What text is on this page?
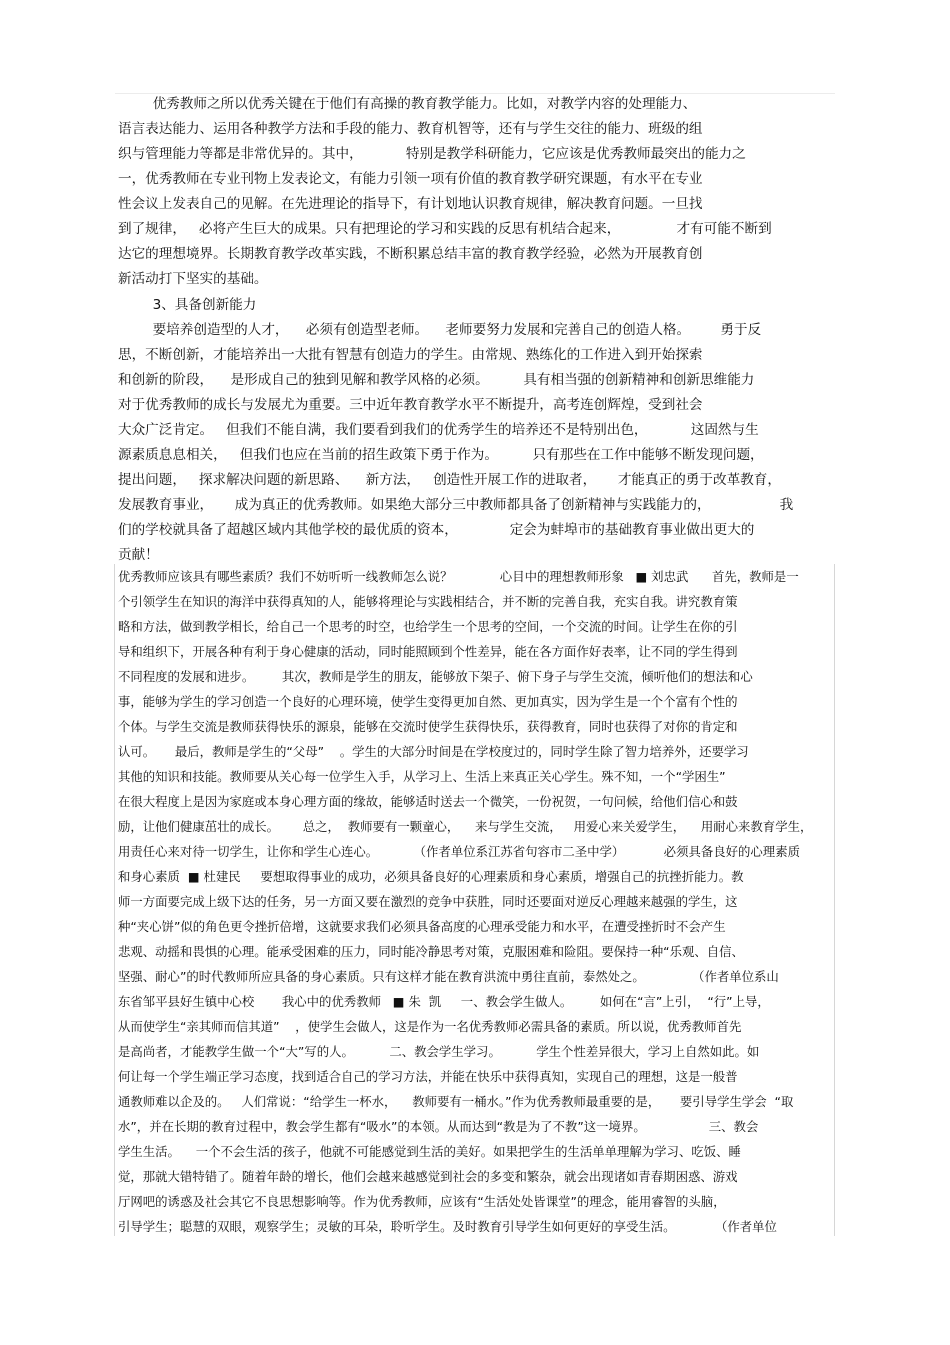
优秀教师之所以优秀关键在于他们有高操的教育教学能力。比如，对教学内容的处理能力、
语言表达能力、运用各种教学方法和手段的能力、教育机智等，还有与学生交往的能力、班级的组
织与管理能力等都是非常优异的。其中，          特别是教学科研能力，它应该是优秀教师最突出的能力之
一，优秀教师在专业刊物上发表论文，有能力引领一项有价值的教育教学研究课题，有水平在专业
性会议上发表自己的见解。在先进理论的指导下，有计划地认识教育规律，解决教育问题。一旦找
到了规律，   必将产生巨大的成果。只有把理论的学习和实践的反思有机结合起来，             才有可能不断到
达它的理想境界。长期教育教学改革实践，不断积累总结丰富的教育教学经验，必然为开展教育创
新活动打下坚实的基础。
3、具备创新能力
要培养创造型的人才，    必须有创造型老师。    老师要努力发展和完善自己的创造人格。       勇于反
思，不断创新，才能培养出一大批有智慧有创造力的学生。由常规、熟练化的工作进入到开始探索
和创新的阶段，    是形成自己的独到见解和教学风格的必须。        具有相当强的创新精神和创新思维能力
对于优秀教师的成长与发展尤为重要。三中近年教育教学水平不断提升，高考连创辉煌，受到社会
大众广泛肯定。   但我们不能自满，我们要看到我们的优秀学生的培养还不是特别出色，          这固然与生
源素质息息相关，   但我们也应在当前的招生政策下勇于作为。        只有那些在工作中能够不断发现问题，
提出问题，   探求解决问题的新思路、    新方法，   创造性开展工作的进取者，     才能真正的勇于改革教育，
发展教育事业，     成为真正的优秀教师。如果绝大部分三中教师都具备了创新精神与实践能力的，                我
们的学校就具备了超越区域内其他学校的最优质的资本，            定会为蚌埠市的基础教育事业做出更大的
贡献！
优秀教师应该具有哪些素质？我们不妨听听一线教师怎么说？            心目中的理想教师形象   ■ 刘忠武      首先，教师是一
个引领学生在知识的海洋中获得真知的人，能够将理论与实践相结合，并不断的完善自我，充实自我。讲究教育策
略和方法，做到教学相长，给自己一个思考的时空，也给学生一个思考的空间，一个交流的时间。让学生在你的引
导和组织下，开展各种有利于身心健康的活动，同时能照顾到个性差异，能在各方面作好表率，让不同的学生得到
不同程度的发展和进步。       其次，教师是学生的朋友，能够放下架子、俯下身子与学生交流，倾听他们的想法和心
事，能够为学生的学习创造一个良好的心理环境，使学生变得更加自然、更加真实，因为学生是一个个富有个性的
个体。与学生交流是教师获得快乐的源泉，能够在交流时使学生获得快乐，获得教育，同时也获得了对你的肯定和
认可。     最后，教师是学生的“父母”    。学生的大部分时间是在学校度过的，同时学生除了智力培养外，还要学习
其他的知识和技能。教师要从关心每一位学生入手，从学习上、生活上来真正关心学生。殊不知，一个“学困生”
在很大程度上是因为家庭或本身心理方面的缘故，能够适时送去一个微笑，一份祝贺，一句问候，给他们信心和鼓
励，让他们健康茁壮的成长。      总之，  教师要有一颗童心，    来与学生交流，   用爱心来关爱学生，    用耐心来教育学生，
用责任心来对待一切学生，让你和学生心连心。         （作者单位系江苏省句容市二圣中学）          必须具备良好的心理素质
和身心素质  ■ 杜建民     要想取得事业的成功，必须具备良好的心理素质和身心素质，增强自己的抗挫折能力。教
师一方面要完成上级下达的任务，另一方面又要在激烈的竞争中获胜，同时还要面对逆反心理越来越强的学生，这
种“夹心饼”似的角色更令挫折倍增，这就要求我们必须具备高度的心理承受能力和水平，在遭受挫折时不会产生
悲观、动摇和畏惧的心理。能承受困难的压力，同时能冷静思考对策，克服困难和险阻。要保持一种“乐观、自信、
坚强、耐心”的时代教师所应具备的身心素质。只有这样才能在教育洪流中勇往直前，泰然处之。            （作者单位系山
东省邹平县好生镇中心校       我心中的优秀教师   ■ 朱  凯     一、教会学生做人。       如何在“言”上引，  “行”上导，
从而使学生“亲其师而信其道”    ，使学生会做人，这是作为一名优秀教师必需具备的素质。所以说，优秀教师首先
是高尚者，才能教学生做一个“大”写的人。         二、教会学生学习。         学生个性差异很大，学习上自然如此。如
何让每一个学生端正学习态度，找到适合自己的学习方法，并能在快乐中获得真知，实现自己的理想，这是一般普
通教师难以企及的。   人们常说：“给学生一杯水，    教师要有一桶水。”作为优秀教师最重要的是，     要引导学生学会  “取
水”，并在长期的教育过程中，教会学生都有“吸水”的本领。从而达到“教是为了不教”这一境界。                三、教会
学生生活。    一个不会生活的孩子，他就不可能感觉到生活的美好。如果把学生的生活单单理解为学习、吃饭、睡
觉，那就大错特错了。随着年龄的增长，他们会越来越感觉到社会的多变和繁杂，就会出现诸如青春期困惑、游戏
厅网吧的诱惑及社会其它不良思想影响等。作为优秀教师，应该有“生活处处皆课堂”的理念，能用睿智的头脑，
引导学生；聪慧的双眼，观察学生；灵敏的耳朵，聆听学生。及时教育引导学生如何更好的享受生活。          （作者单位
